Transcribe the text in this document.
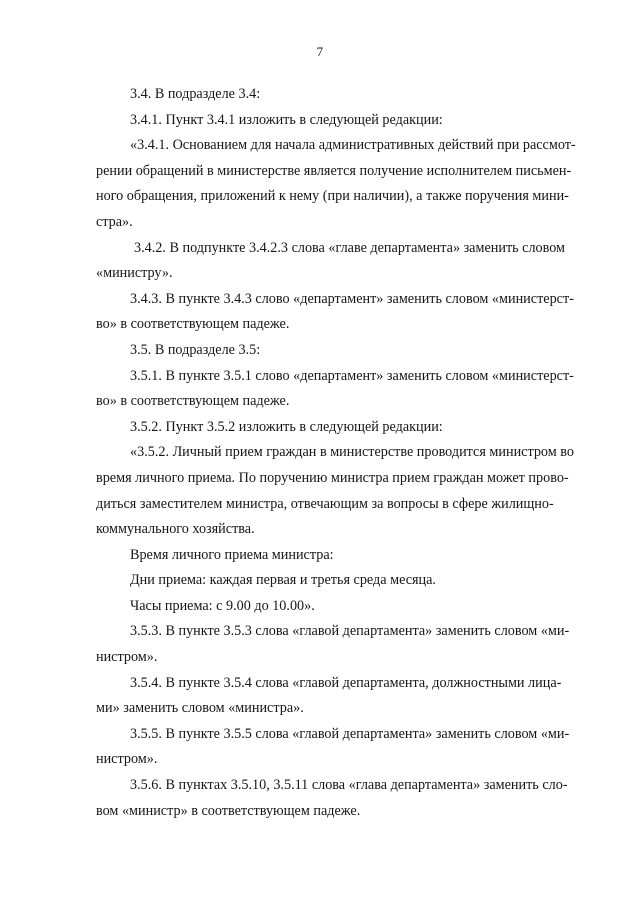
7

3.4. В подразделе 3.4:

3.4.1. Пункт 3.4.1 изложить в следующей редакции:

«3.4.1. Основанием для начала административных действий при рассмот-
рении обращений в министерстве является получение исполнителем письмен-
ного обращения, приложений к нему (при наличии), а также поручения мини-
стра».

3.4.2. В подпункте 3.4.2.3 слова «главе департамента» заменить словом
«министру».

3.4.3. В пункте 3.4.3 слово «департамент» заменить словом «министерст-
во» в соответствующем падеже.

3.5. В подразделе 3.5:

3.5.1. В пункте 3.5.1 слово «департамент» заменить словом «министерст-
во» в соответствующем падеже.

3.5.2. Пункт 3.5.2 изложить в следующей редакции:

«3.5.2. Личный прием граждан в министерстве проводится министром во
время личного приема. По поручению министра прием граждан может прово-
диться заместителем министра, отвечающим за вопросы в сфере жилищно-
коммунального хозяйства.

Время личного приема министра:

Дни приема: каждая первая и третья среда месяца.

Часы приема: с 9.00 до 10.00».

3.5.3. В пункте 3.5.3 слова «главой департамента» заменить словом «ми-
нистром».

3.5.4. В пункте 3.5.4 слова «главой департамента, должностными лица-
ми» заменить словом «министра».

3.5.5. В пункте 3.5.5 слова «главой департамента» заменить словом «ми-
нистром».

3.5.6. В пунктах 3.5.10, 3.5.11 слова «глава департамента» заменить сло-
вом «министр» в соответствующем падеже.
